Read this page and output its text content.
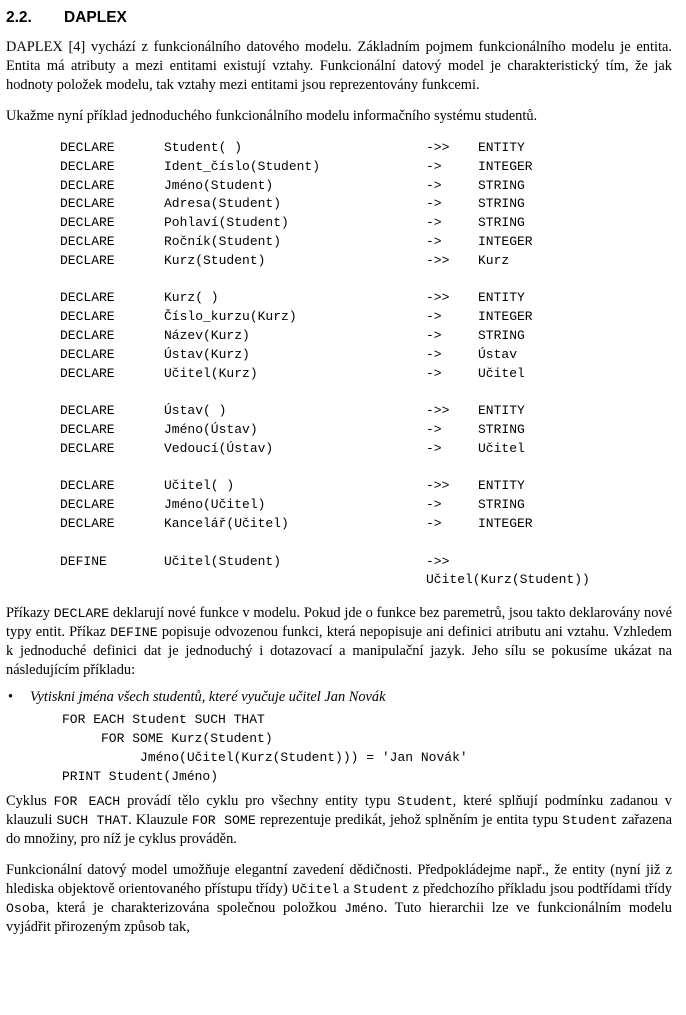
2.2. DAPLEX

DAPLEX [4] vychází z funkcionálního datového modelu. Základním pojmem funkcionálního modelu je entita. Entita má atributy a mezi entitami existují vztahy. Funkcionální datový model je charakteristický tím, že jak hodnoty položek modelu, tak vztahy mezi entitami jsou reprezentovány funkcemi.

Ukažme nyní příklad jednoduchého funkcionálního modelu informačního systému studentů.

DECLARE	Student( )	->>	ENTITY
DECLARE	Ident_číslo(Student)	->	INTEGER
DECLARE	Jméno(Student)	->	STRING
DECLARE	Adresa(Student)	->	STRING
DECLARE	Pohlaví(Student)	->	STRING
DECLARE	Ročník(Student)	->	INTEGER
DECLARE	Kurz(Student)	->>	Kurz

DECLARE	Kurz( )	->>	ENTITY
DECLARE	Číslo_kurzu(Kurz)	->	INTEGER
DECLARE	Název(Kurz)	->	STRING
DECLARE	Ústav(Kurz)	->	Ústav
DECLARE	Učitel(Kurz)	->	Učitel

DECLARE	Ústav( )	->>	ENTITY
DECLARE	Jméno(Ústav)	->	STRING
DECLARE	Vedoucí(Ústav)	->	Učitel

DECLARE	Učitel( )	->>	ENTITY
DECLARE	Jméno(Učitel)	->	STRING
DECLARE	Kancelář(Učitel)	->	INTEGER

DEFINE	Učitel(Student)	->>	
		Učitel(Kurz(Student))	

Příkazy DECLARE deklarují nové funkce v modelu. Pokud jde o funkce bez paremetrů, jsou takto deklarovány nové typy entit. Příkaz DEFINE popisuje odvozenou funkci, která nepopisuje ani definici atributu ani vztahu. Vzhledem k jednoduché definici dat je jednoduchý i dotazovací a manipulační jazyk. Jeho sílu se pokusíme ukázat na následujícím příkladu:

• Vytiskni jména všech studentů, které vyučuje učitel Jan Novák
FOR EACH Student SUCH THAT
FOR SOME Kurz(Student)
Jméno(Učitel(Kurz(Student))) = 'Jan Novák'
PRINT Student(Jméno)

Cyklus FOR EACH provádí tělo cyklu pro všechny entity typu Student, které splňují podmínku zadanou v klauzuli SUCH THAT. Klauzule FOR SOME reprezentuje predikát, jehož splněním je entita typu Student zařazena do množiny, pro níž je cyklus prováděn.

Funkcionální datový model umožňuje elegantní zavedení dědičnosti. Předpokládejme např., že entity (nyní již z hlediska objektově orientovaného přístupu třídy) Učitel a Student z předchozího příkladu jsou podtřídami třídy Osoba, která je charakterizována společnou položkou Jméno. Tuto hierarchii lze ve funkcionálním modelu vyjádřit přirozeným způsob tak,
